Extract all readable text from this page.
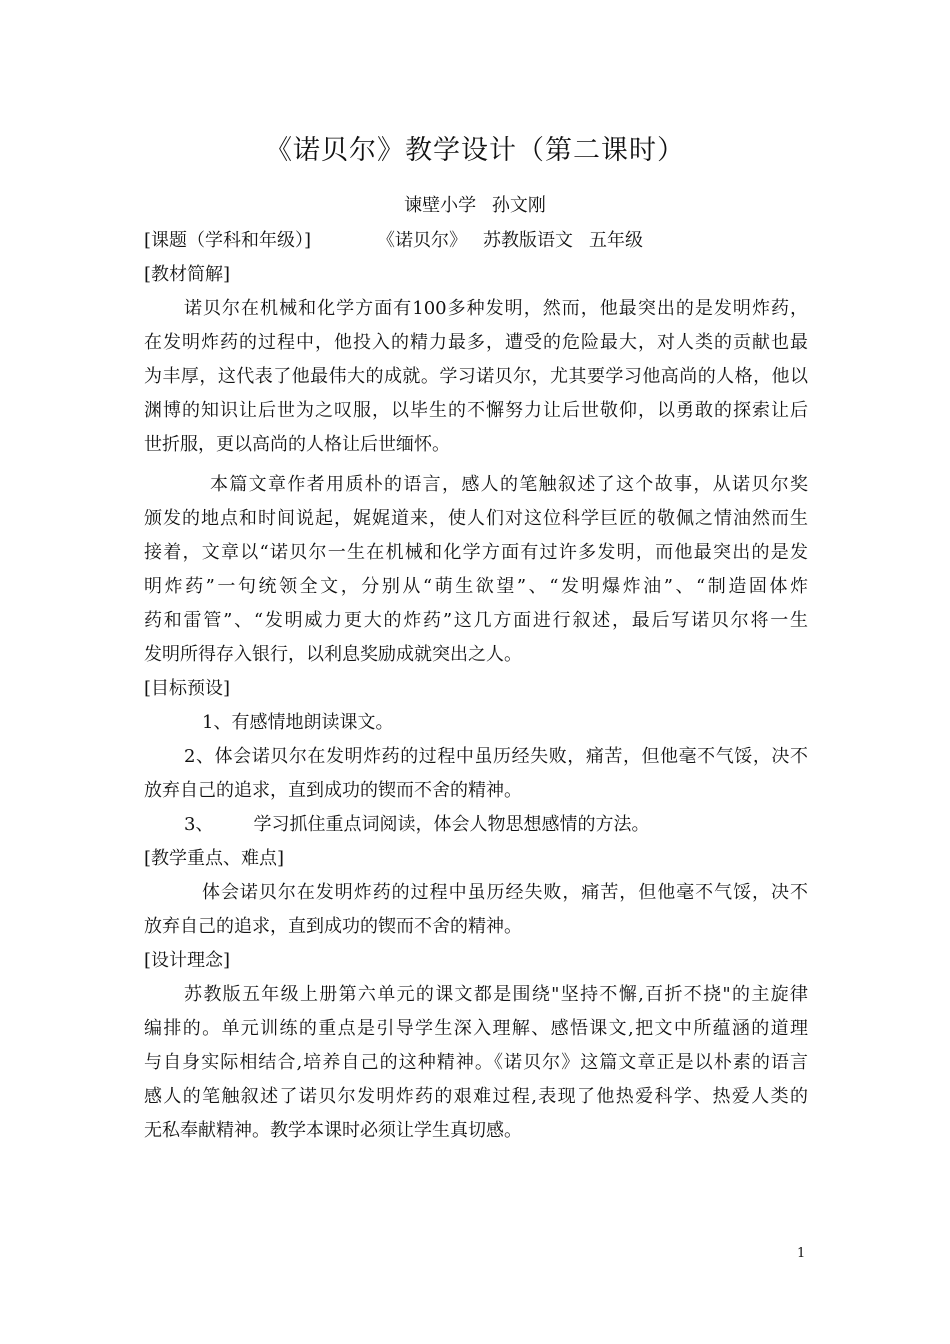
《诺贝尔》教学设计（第二课时）
谏壁小学 孙文刚
[课题（学科和年级）]	《诺贝尔》 苏教版语文 五年级
[教材简解]
诺贝尔在机械和化学方面有100多种发明，然而，他最突出的是发明炸药，
在发明炸药的过程中，他投入的精力最多，遭受的危险最大，对人类的贡献也最
为丰厚，这代表了他最伟大的成就。学习诺贝尔，尤其要学习他高尚的人格，他以
渊博的知识让后世为之叹服，以毕生的不懈努力让后世敬仰，以勇敢的探索让后
世折服，更以高尚的人格让后世缅怀。
本篇文章作者用质朴的语言，感人的笔触叙述了这个故事，从诺贝尔奖
颁发的地点和时间说起，娓娓道来，使人们对这位科学巨匠的敬佩之情油然而生
接着，文章以“诺贝尔一生在机械和化学方面有过许多发明，而他最突出的是发
明炸药”一句统领全文，分别从“萌生欲望”、“发明爆炸油”、“制造固体炸
药和雷管”、“发明威力更大的炸药”这几方面进行叙述，最后写诺贝尔将一生
发明所得存入银行，以利息奖励成就突出之人。
[目标预设]
1、有感情地朗读课文。
2、体会诺贝尔在发明炸药的过程中虽历经失败，痛苦，但他毫不气馁，决不
放弃自己的追求，直到成功的锲而不舍的精神。
3、 学习抓住重点词阅读，体会人物思想感情的方法。
[教学重点、难点]
体会诺贝尔在发明炸药的过程中虽历经失败，痛苦，但他毫不气馁，决不
放弃自己的追求，直到成功的锲而不舍的精神。
[设计理念]
苏教版五年级上册第六单元的课文都是围绕"坚持不懈,百折不挠"的主旋律
编排的。单元训练的重点是引导学生深入理解、感悟课文,把文中所蕴涵的道理
与自身实际相结合,培养自己的这种精神。《诺贝尔》这篇文章正是以朴素的语言
感人的笔触叙述了诺贝尔发明炸药的艰难过程,表现了他热爱科学、热爱人类的
无私奉献精神。教学本课时必须让学生真切感。
1
